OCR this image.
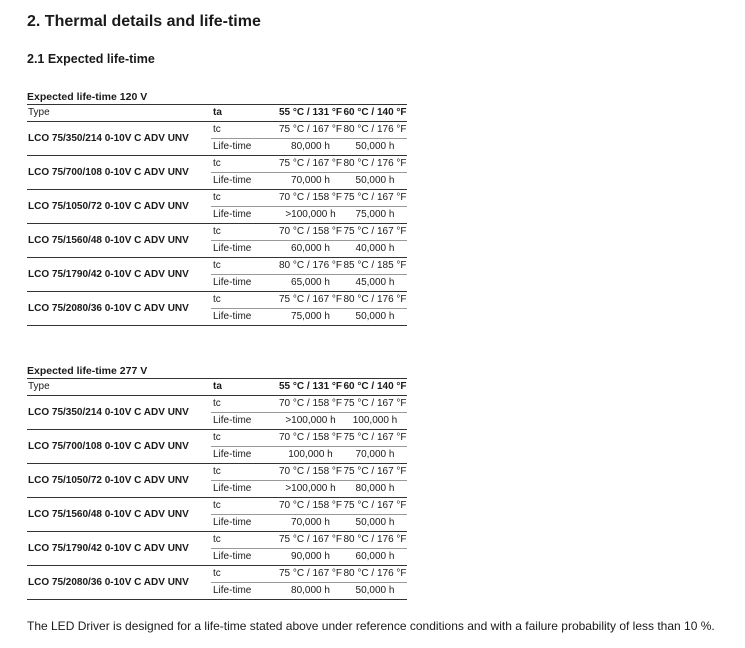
2. Thermal details and life-time
2.1 Expected life-time
Expected life-time 120 V
Type	ta	55 °C / 131 °F	60 °C / 140 °F
LCO 75/350/214 0-10V C ADV UNV	tc	75 °C / 167 °F	80 °C / 176 °F
	Life-time	80,000 h	50,000 h
LCO 75/700/108 0-10V C ADV UNV	tc	75 °C / 167 °F	80 °C / 176 °F
	Life-time	70,000 h	50,000 h
LCO 75/1050/72 0-10V C ADV UNV	tc	70 °C / 158 °F	75 °C / 167 °F
	Life-time	>100,000 h	75,000 h
LCO 75/1560/48 0-10V C ADV UNV	tc	70 °C / 158 °F	75 °C / 167 °F
	Life-time	60,000 h	40,000 h
LCO 75/1790/42 0-10V C ADV UNV	tc	80 °C / 176 °F	85 °C / 185 °F
	Life-time	65,000 h	45,000 h
LCO 75/2080/36 0-10V C ADV UNV	tc	75 °C / 167 °F	80 °C / 176 °F
	Life-time	75,000 h	50,000 h
Expected life-time 277 V
Type	ta	55 °C / 131 °F	60 °C / 140 °F
LCO 75/350/214 0-10V C ADV UNV	tc	70 °C / 158 °F	75 °C / 167 °F
	Life-time	>100,000 h	100,000 h
LCO 75/700/108 0-10V C ADV UNV	tc	70 °C / 158 °F	75 °C / 167 °F
	Life-time	100,000 h	70,000 h
LCO 75/1050/72 0-10V C ADV UNV	tc	70 °C / 158 °F	75 °C / 167 °F
	Life-time	>100,000 h	80,000 h
LCO 75/1560/48 0-10V C ADV UNV	tc	70 °C / 158 °F	75 °C / 167 °F
	Life-time	70,000 h	50,000 h
LCO 75/1790/42 0-10V C ADV UNV	tc	75 °C / 167 °F	80 °C / 176 °F
	Life-time	90,000 h	60,000 h
LCO 75/2080/36 0-10V C ADV UNV	tc	75 °C / 167 °F	80 °C / 176 °F
	Life-time	80,000 h	50,000 h

The LED Driver is designed for a life-time stated above under reference conditions and with a failure probability of less than 10 %.
